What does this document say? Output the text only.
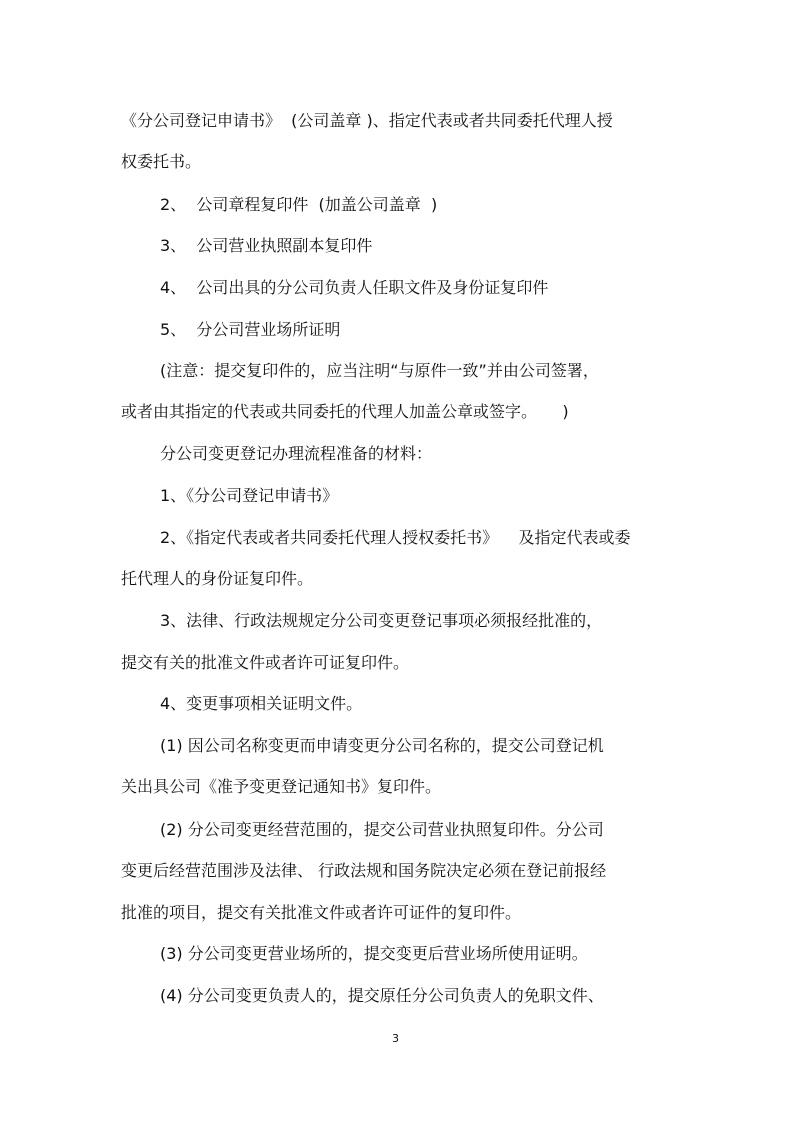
《分公司登记申请书》  (公司盖章 )、指定代表或者共同委托代理人授
权委托书。
2、  公司章程复印件  (加盖公司盖章  )
3、  公司营业执照副本复印件
4、  公司出具的分公司负责人任职文件及身份证复印件
5、  分公司营业场所证明
(注意：提交复印件的，应当注明“与原件一致”并由公司签署，
或者由其指定的代表或共同委托的代理人加盖公章或签字。     )
分公司变更登记办理流程准备的材料：
1、《分公司登记申请书》
2、《指定代表或者共同委托代理人授权委托书》    及指定代表或委
托代理人的身份证复印件。
3、法律、行政法规规定分公司变更登记事项必须报经批准的，
提交有关的批准文件或者许可证复印件。
4、变更事项相关证明文件。
(1) 因公司名称变更而申请变更分公司名称的，提交公司登记机
关出具公司《准予变更登记通知书》复印件。
(2) 分公司变更经营范围的，提交公司营业执照复印件。分公司
变更后经营范围涉及法律、 行政法规和国务院决定必须在登记前报经
批准的项目，提交有关批准文件或者许可证件的复印件。
(3) 分公司变更营业场所的，提交变更后营业场所使用证明。
(4) 分公司变更负责人的，提交原任分公司负责人的免职文件、
3
